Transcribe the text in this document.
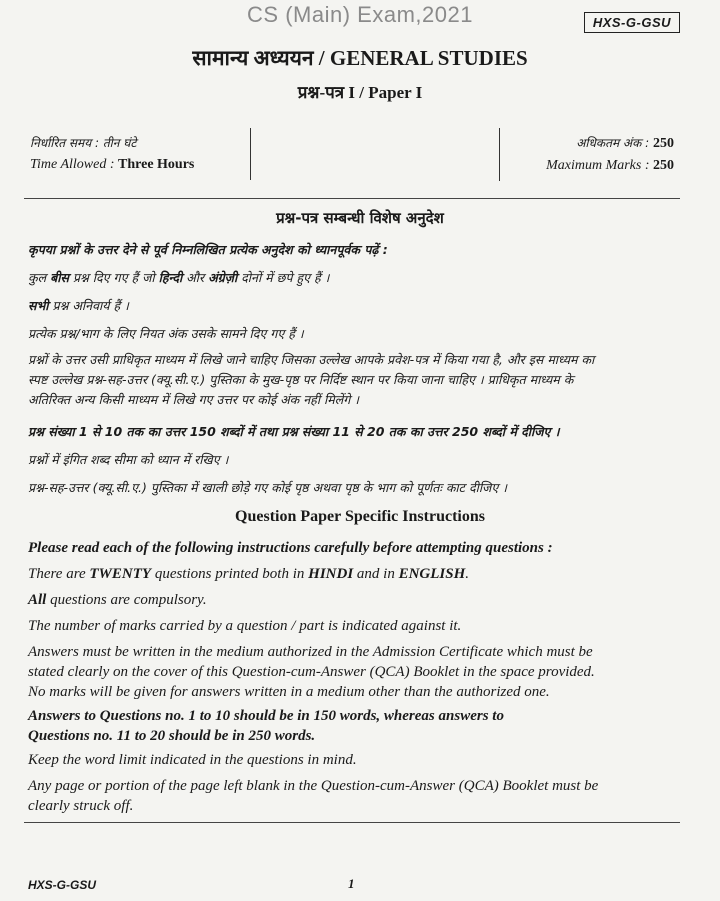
CS (Main) Exam,2021	HXS-G-GSU
सामान्य अध्ययन / GENERAL STUDIES
प्रश्न-पत्र I / Paper I
निर्धारित समय : तीन घंटे
Time Allowed : Three Hours
अधिकतम अंक : 250
Maximum Marks : 250
प्रश्न-पत्र सम्बन्धी विशेष अनुदेश
कृपया प्रश्नों के उत्तर देने से पूर्व निम्नलिखित प्रत्येक अनुदेश को ध्यानपूर्वक पढ़ें :
कुल बीस प्रश्न दिए गए हैं जो हिन्दी और अंग्रेज़ी दोनों में छपे हुए हैं ।
सभी प्रश्न अनिवार्य हैं ।
प्रत्येक प्रश्न/भाग के लिए नियत अंक उसके सामने दिए गए हैं ।
प्रश्नों के उत्तर उसी प्राधिकृत माध्यम में लिखे जाने चाहिए जिसका उल्लेख आपके प्रवेश-पत्र में किया गया है, और इस माध्यम का
स्पष्ट उल्लेख प्रश्न-सह-उत्तर (क्यू.सी.ए.) पुस्तिका के मुख-पृष्ठ पर निर्दिष्ट स्थान पर किया जाना चाहिए । प्राधिकृत माध्यम के
अतिरिक्त अन्य किसी माध्यम में लिखे गए उत्तर पर कोई अंक नहीं मिलेंगे ।
प्रश्न संख्या 1 से 10 तक का उत्तर 150 शब्दों में तथा प्रश्न संख्या 11 से 20 तक का उत्तर 250 शब्दों में दीजिए ।
प्रश्नों में इंगित शब्द सीमा को ध्यान में रखिए ।
प्रश्न-सह-उत्तर (क्यू.सी.ए.) पुस्तिका में खाली छोड़े गए कोई पृष्ठ अथवा पृष्ठ के भाग को पूर्णतः काट दीजिए ।
Question Paper Specific Instructions
Please read each of the following instructions carefully before attempting questions :
There are TWENTY questions printed both in HINDI and in ENGLISH.
All questions are compulsory.
The number of marks carried by a question / part is indicated against it.
Answers must be written in the medium authorized in the Admission Certificate which must be
stated clearly on the cover of this Question-cum-Answer (QCA) Booklet in the space provided.
No marks will be given for answers written in a medium other than the authorized one.
Answers to Questions no. 1 to 10 should be in 150 words, whereas answers to
Questions no. 11 to 20 should be in 250 words.
Keep the word limit indicated in the questions in mind.
Any page or portion of the page left blank in the Question-cum-Answer (QCA) Booklet must be
clearly struck off.
HXS-G-GSU	1
